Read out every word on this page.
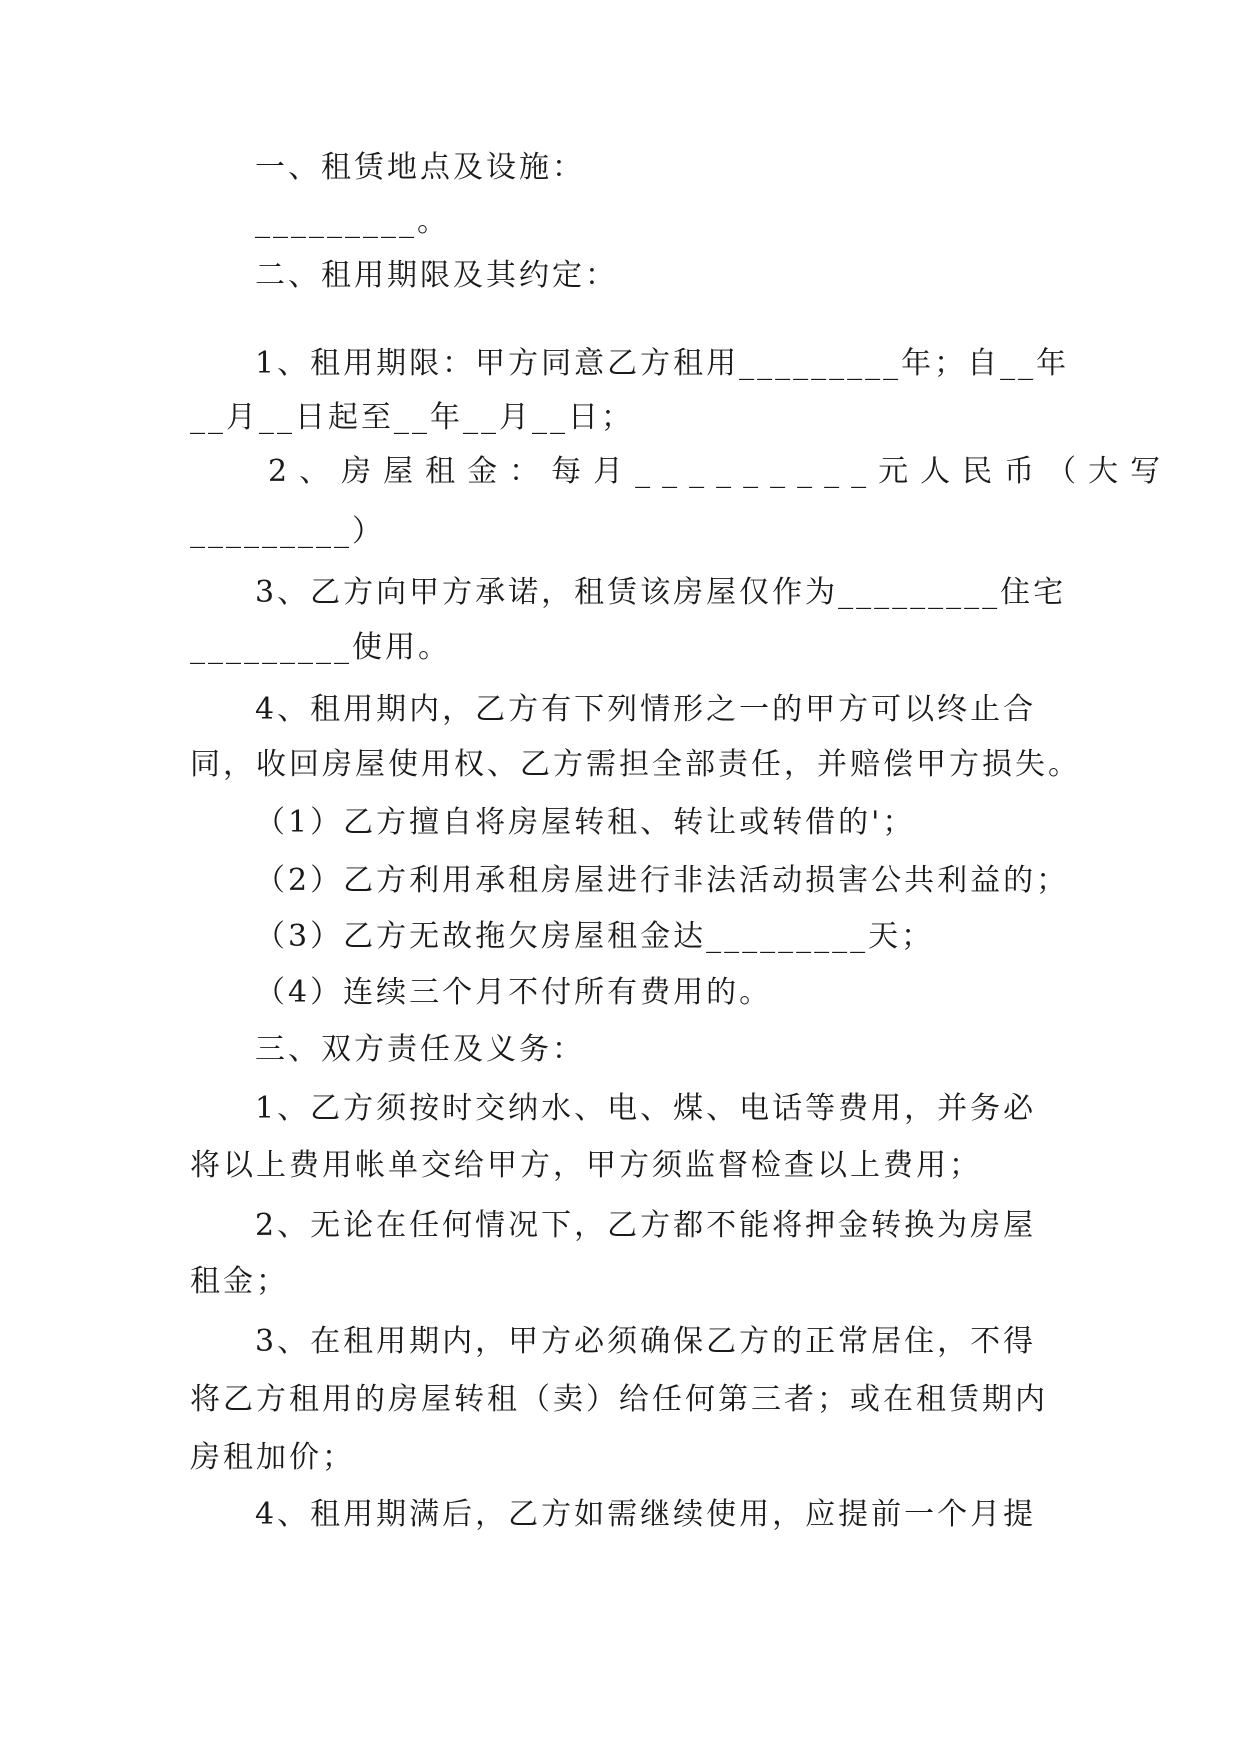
一、租赁地点及设施：
_________。
二、租用期限及其约定：
1、租用期限：甲方同意乙方租用_________年；自__年
__月__日起至__年__月__日；
2、房屋租金：每月_________元人民币（大写
_________）
3、乙方向甲方承诺，租赁该房屋仅作为_________住宅
_________使用。
4、租用期内，乙方有下列情形之一的甲方可以终止合
同，收回房屋使用权、乙方需担全部责任，并赔偿甲方损失。
（1）乙方擅自将房屋转租、转让或转借的'；
（2）乙方利用承租房屋进行非法活动损害公共利益的；
（3）乙方无故拖欠房屋租金达_________天；
（4）连续三个月不付所有费用的。
三、双方责任及义务：
1、乙方须按时交纳水、电、煤、电话等费用，并务必
将以上费用帐单交给甲方，甲方须监督检查以上费用；
2、无论在任何情况下，乙方都不能将押金转换为房屋
租金；
3、在租用期内，甲方必须确保乙方的正常居住，不得
将乙方租用的房屋转租（卖）给任何第三者；或在租赁期内
房租加价；
4、租用期满后，乙方如需继续使用，应提前一个月提
